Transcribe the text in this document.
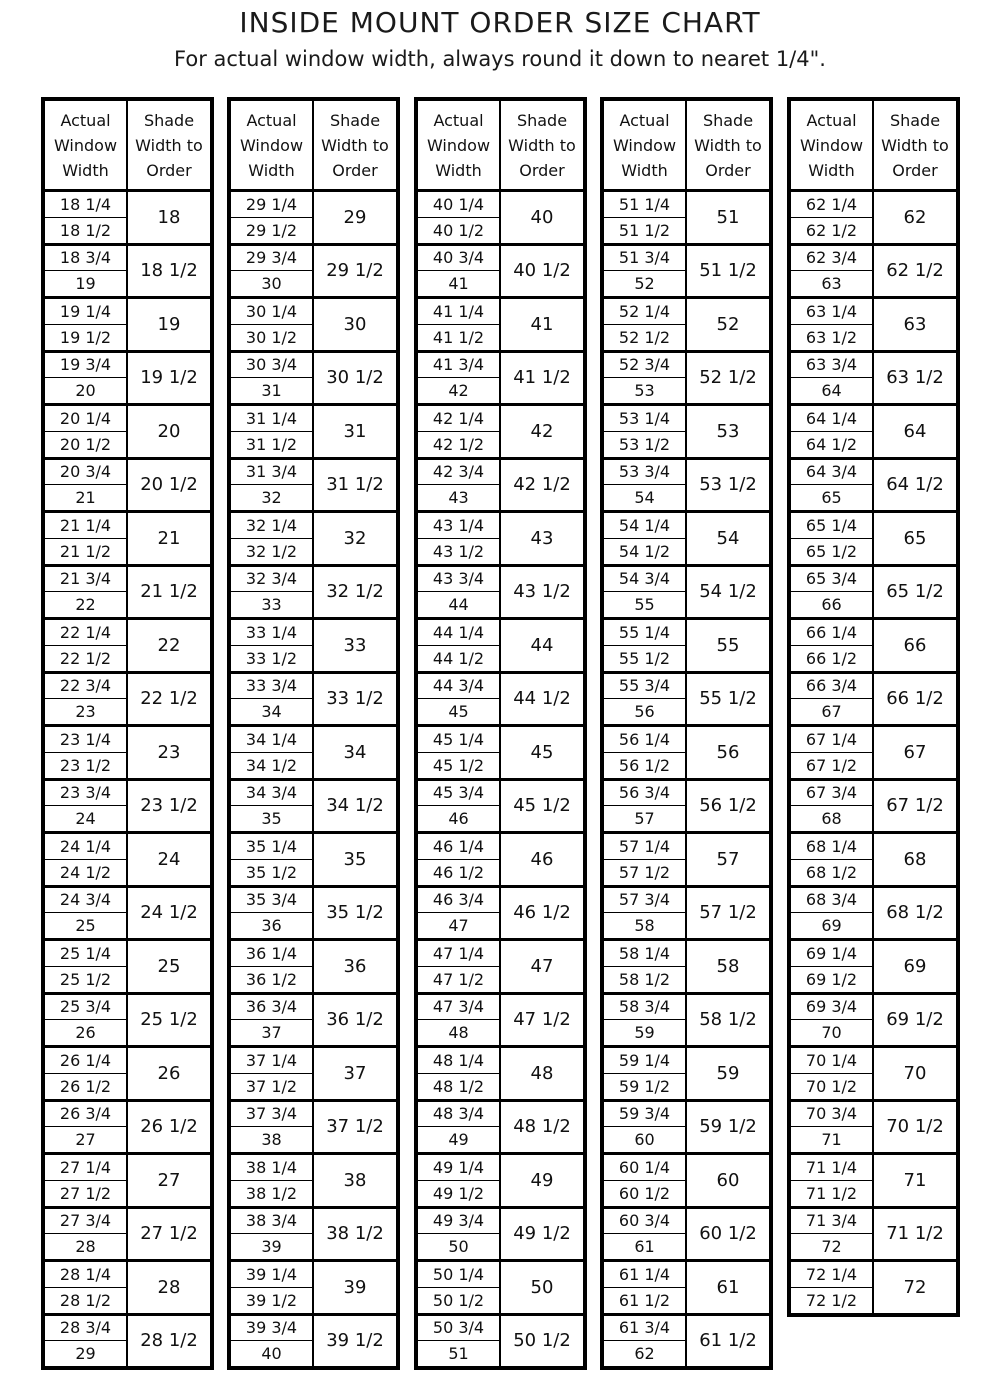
INSIDE MOUNT ORDER SIZE CHART
For actual window width, always round it down to nearet 1/4".
Actual
Window
Width
Shade
Width to
Order
18 1/4
18 1/2
18
18 3/4
19
18 1/2
19 1/4
19 1/2
19
19 3/4
20
19 1/2
20 1/4
20 1/2
20
20 3/4
21
20 1/2
21 1/4
21 1/2
21
21 3/4
22
21 1/2
22 1/4
22 1/2
22
22 3/4
23
22 1/2
23 1/4
23 1/2
23
23 3/4
24
23 1/2
24 1/4
24 1/2
24
24 3/4
25
24 1/2
25 1/4
25 1/2
25
25 3/4
26
25 1/2
26 1/4
26 1/2
26
26 3/4
27
26 1/2
27 1/4
27 1/2
27
27 3/4
28
27 1/2
28 1/4
28 1/2
28
28 3/4
29
28 1/2
Actual
Window
Width
Shade
Width to
Order
29 1/4
29 1/2
29
29 3/4
30
29 1/2
30 1/4
30 1/2
30
30 3/4
31
30 1/2
31 1/4
31 1/2
31
31 3/4
32
31 1/2
32 1/4
32 1/2
32
32 3/4
33
32 1/2
33 1/4
33 1/2
33
33 3/4
34
33 1/2
34 1/4
34 1/2
34
34 3/4
35
34 1/2
35 1/4
35 1/2
35
35 3/4
36
35 1/2
36 1/4
36 1/2
36
36 3/4
37
36 1/2
37 1/4
37 1/2
37
37 3/4
38
37 1/2
38 1/4
38 1/2
38
38 3/4
39
38 1/2
39 1/4
39 1/2
39
39 3/4
40
39 1/2
Actual
Window
Width
Shade
Width to
Order
40 1/4
40 1/2
40
40 3/4
41
40 1/2
41 1/4
41 1/2
41
41 3/4
42
41 1/2
42 1/4
42 1/2
42
42 3/4
43
42 1/2
43 1/4
43 1/2
43
43 3/4
44
43 1/2
44 1/4
44 1/2
44
44 3/4
45
44 1/2
45 1/4
45 1/2
45
45 3/4
46
45 1/2
46 1/4
46 1/2
46
46 3/4
47
46 1/2
47 1/4
47 1/2
47
47 3/4
48
47 1/2
48 1/4
48 1/2
48
48 3/4
49
48 1/2
49 1/4
49 1/2
49
49 3/4
50
49 1/2
50 1/4
50 1/2
50
50 3/4
51
50 1/2
Actual
Window
Width
Shade
Width to
Order
51 1/4
51 1/2
51
51 3/4
52
51 1/2
52 1/4
52 1/2
52
52 3/4
53
52 1/2
53 1/4
53 1/2
53
53 3/4
54
53 1/2
54 1/4
54 1/2
54
54 3/4
55
54 1/2
55 1/4
55 1/2
55
55 3/4
56
55 1/2
56 1/4
56 1/2
56
56 3/4
57
56 1/2
57 1/4
57 1/2
57
57 3/4
58
57 1/2
58 1/4
58 1/2
58
58 3/4
59
58 1/2
59 1/4
59 1/2
59
59 3/4
60
59 1/2
60 1/4
60 1/2
60
60 3/4
61
60 1/2
61 1/4
61 1/2
61
61 3/4
62
61 1/2
Actual
Window
Width
Shade
Width to
Order
62 1/4
62 1/2
62
62 3/4
63
62 1/2
63 1/4
63 1/2
63
63 3/4
64
63 1/2
64 1/4
64 1/2
64
64 3/4
65
64 1/2
65 1/4
65 1/2
65
65 3/4
66
65 1/2
66 1/4
66 1/2
66
66 3/4
67
66 1/2
67 1/4
67 1/2
67
67 3/4
68
67 1/2
68 1/4
68 1/2
68
68 3/4
69
68 1/2
69 1/4
69 1/2
69
69 3/4
70
69 1/2
70 1/4
70 1/2
70
70 3/4
71
70 1/2
71 1/4
71 1/2
71
71 3/4
72
71 1/2
72 1/4
72 1/2
72
